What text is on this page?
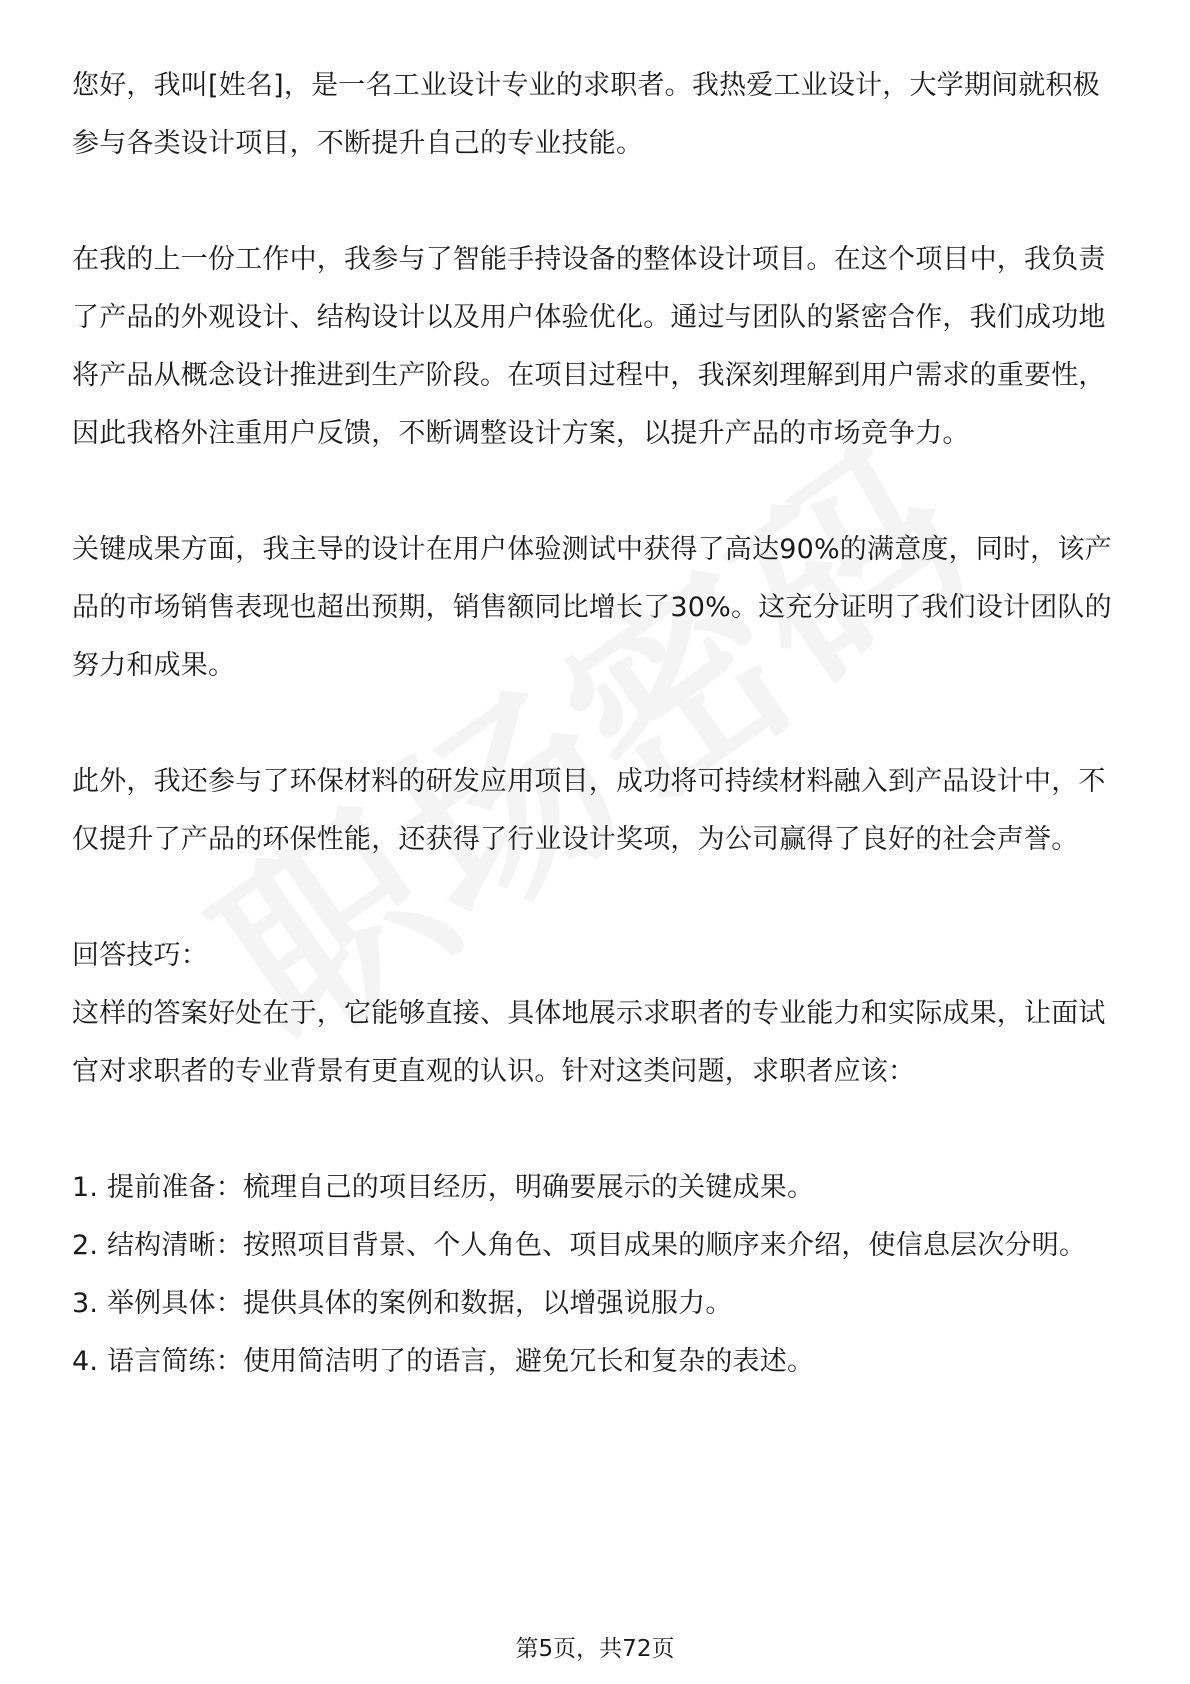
您好，我叫[姓名]，是一名工业设计专业的求职者。我热爱工业设计，大学期间就积极参与各类设计项目，不断提升自己的专业技能。

在我的上一份工作中，我参与了智能手持设备的整体设计项目。在这个项目中，我负责了产品的外观设计、结构设计以及用户体验优化。通过与团队的紧密合作，我们成功地将产品从概念设计推进到生产阶段。在项目过程中，我深刻理解到用户需求的重要性，因此我格外注重用户反馈，不断调整设计方案，以提升产品的市场竞争力。

关键成果方面，我主导的设计在用户体验测试中获得了高达90%的满意度，同时，该产品的市场销售表现也超出预期，销售额同比增长了30%。这充分证明了我们设计团队的努力和成果。

此外，我还参与了环保材料的研发应用项目，成功将可持续材料融入到产品设计中，不仅提升了产品的环保性能，还获得了行业设计奖项，为公司赢得了良好的社会声誉。

回答技巧：

这样的答案好处在于，它能够直接、具体地展示求职者的专业能力和实际成果，让面试官对求职者的专业背景有更直观的认识。针对这类问题，求职者应该：

1. 提前准备：梳理自己的项目经历，明确要展示的关键成果。

2. 结构清晰：按照项目背景、个人角色、项目成果的顺序来介绍，使信息层次分明。

3. 举例具体：提供具体的案例和数据，以增强说服力。

4. 语言简练：使用简洁明了的语言，避免冗长和复杂的表述。

第5页，共72页
